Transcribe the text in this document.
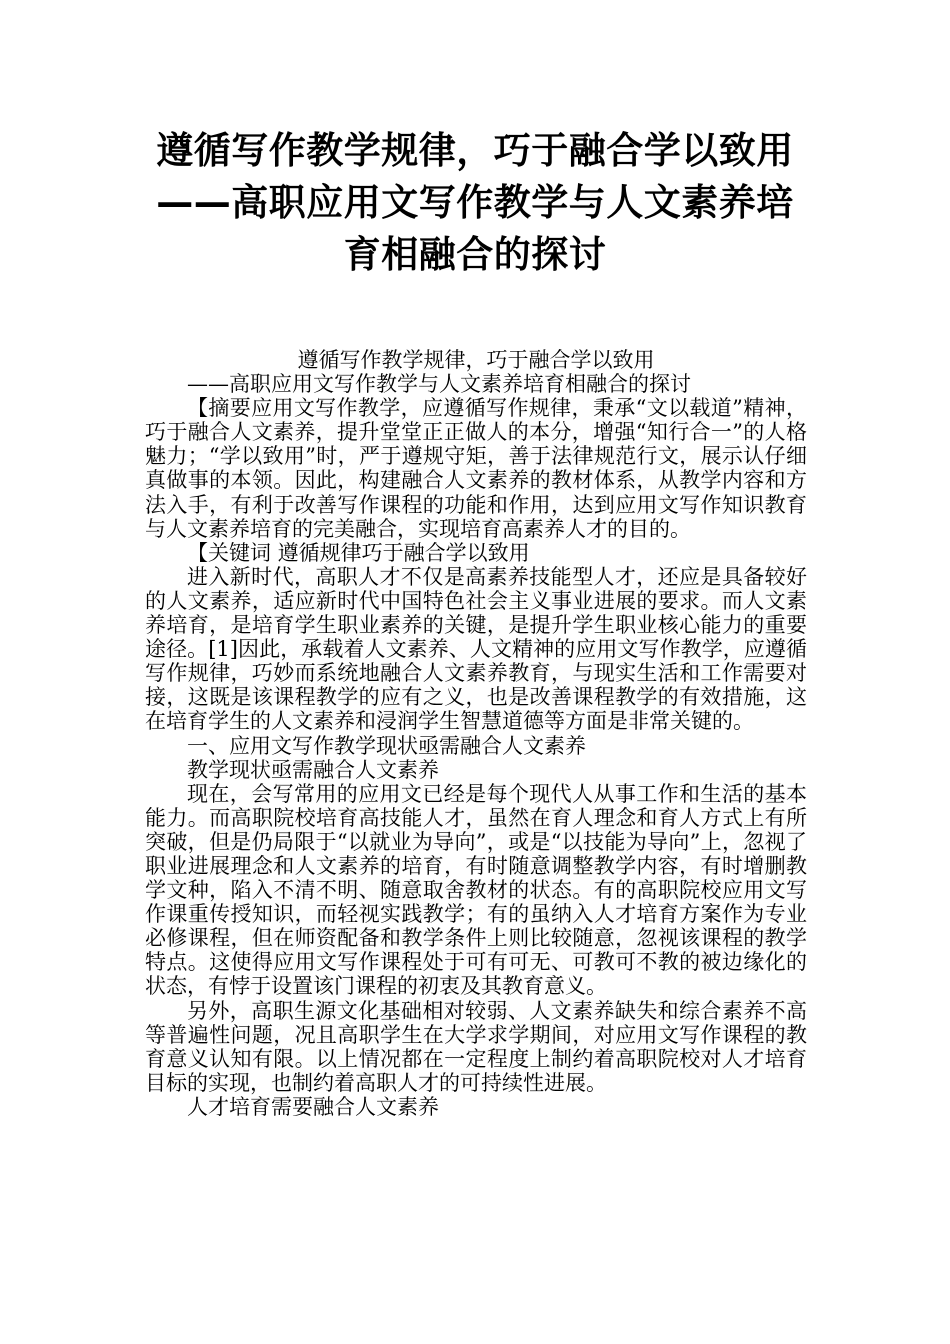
遵循写作教学规律，巧于融合学以致用
——高职应用文写作教学与人文素养培
育相融合的探讨

遵循写作教学规律，巧于融合学以致用

——高职应用文写作教学与人文素养培育相融合的探讨

【摘要应用文写作教学，应遵循写作规律，秉承“文以载道”精神，巧于融合人文素养，提升堂堂正正做人的本分，增强“知行合一”的人格魅力；“学以致用”时，严于遵规守矩，善于法律规范行文，展示认仔细真做事的本领。因此，构建融合人文素养的教材体系，从教学内容和方法入手，有利于改善写作课程的功能和作用，达到应用文写作知识教育与人文素养培育的完美融合，实现培育高素养人才的目的。

【关键词 遵循规律巧于融合学以致用

进入新时代，高职人才不仅是高素养技能型人才，还应是具备较好的人文素养，适应新时代中国特色社会主义事业进展的要求。而人文素养培育，是培育学生职业素养的关键，是提升学生职业核心能力的重要途径。[1]因此，承载着人文素养、人文精神的应用文写作教学，应遵循写作规律，巧妙而系统地融合人文素养教育，与现实生活和工作需要对接，这既是该课程教学的应有之义，也是改善课程教学的有效措施，这在培育学生的人文素养和浸润学生智慧道德等方面是非常关键的。

一、应用文写作教学现状亟需融合人文素养

教学现状亟需融合人文素养

现在，会写常用的应用文已经是每个现代人从事工作和生活的基本能力。而高职院校培育高技能人才，虽然在育人理念和育人方式上有所突破，但是仍局限于“以就业为导向”，或是“以技能为导向”上，忽视了职业进展理念和人文素养的培育，有时随意调整教学内容，有时增删教学文种，陷入不清不明、随意取舍教材的状态。有的高职院校应用文写作课重传授知识，而轻视实践教学；有的虽纳入人才培育方案作为专业必修课程，但在师资配备和教学条件上则比较随意，忽视该课程的教学特点。这使得应用文写作课程处于可有可无、可教可不教的被边缘化的状态，有悖于设置该门课程的初衷及其教育意义。

另外，高职生源文化基础相对较弱、人文素养缺失和综合素养不高等普遍性问题，况且高职学生在大学求学期间，对应用文写作课程的教育意义认知有限。以上情况都在一定程度上制约着高职院校对人才培育目标的实现，也制约着高职人才的可持续性进展。

人才培育需要融合人文素养
